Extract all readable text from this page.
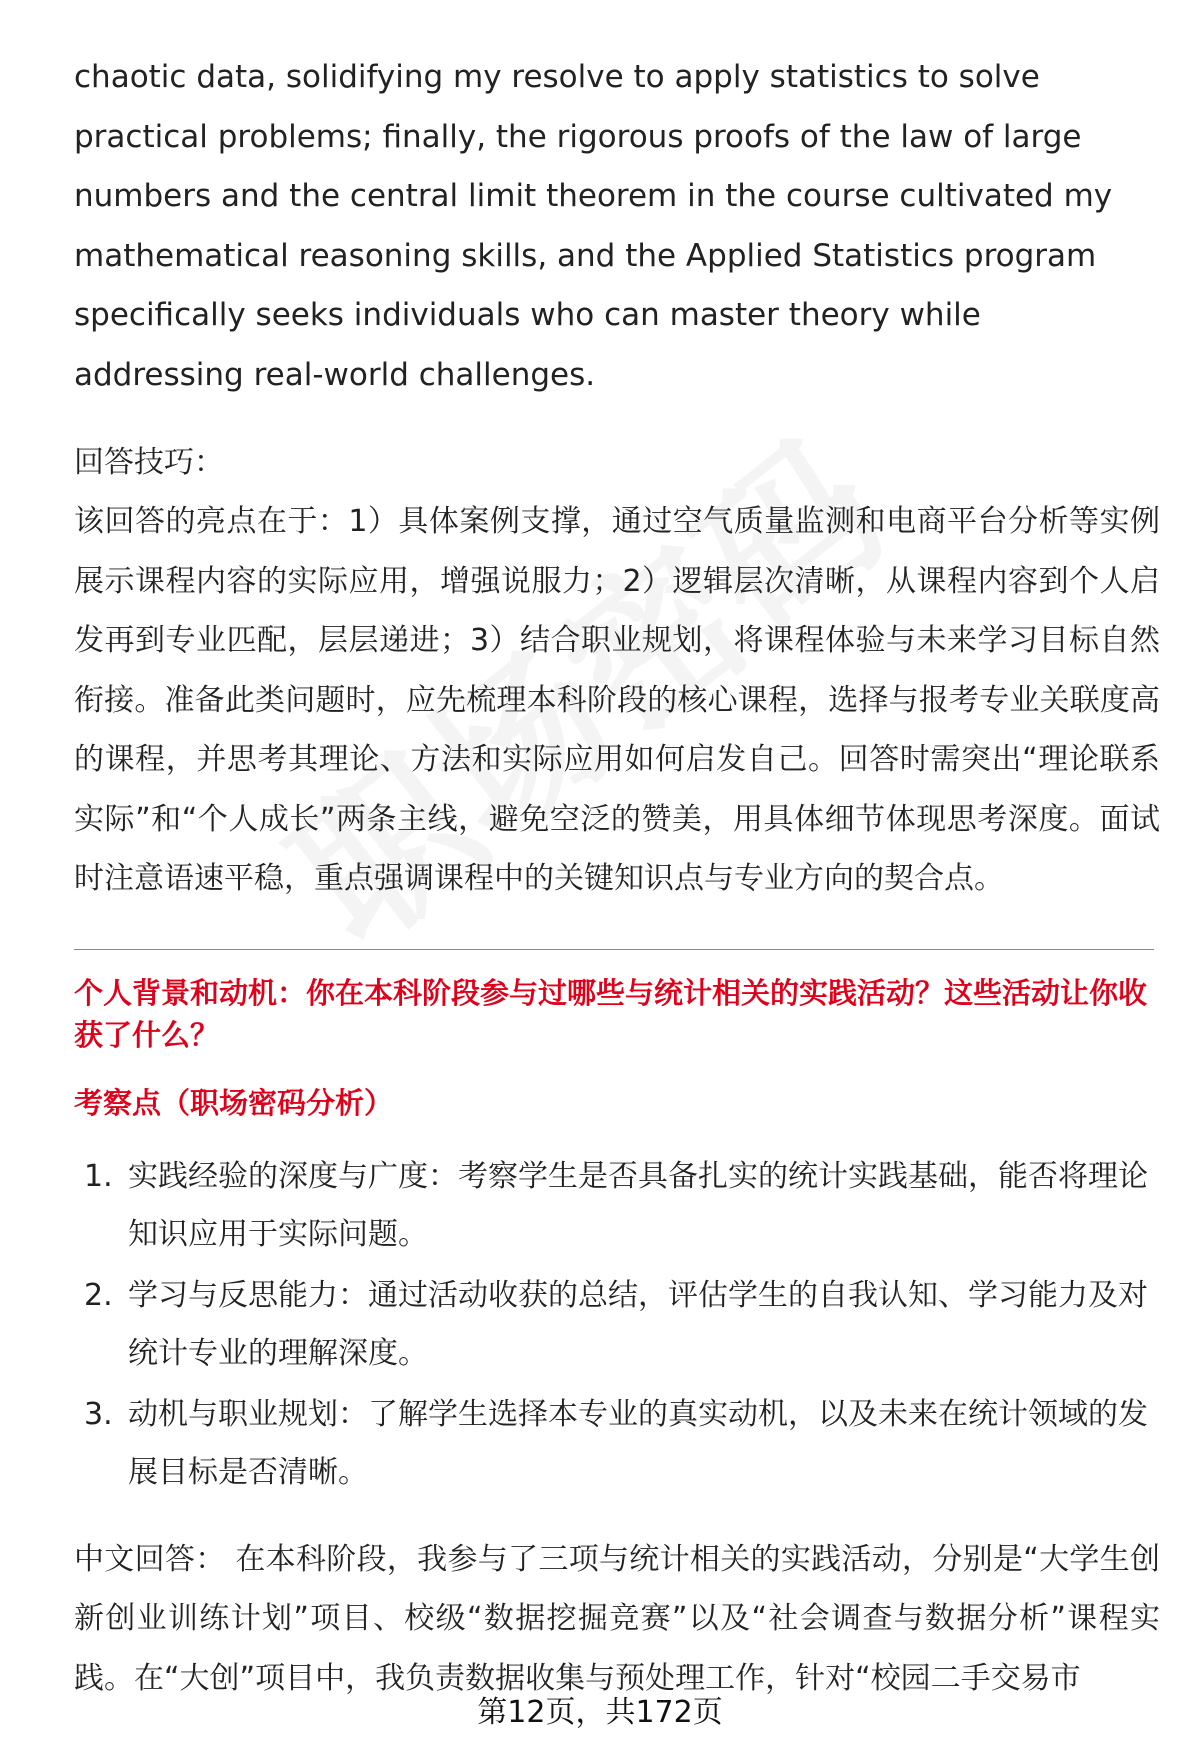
chaotic data, solidifying my resolve to apply statistics to solve practical problems; finally, the rigorous proofs of the law of large numbers and the central limit theorem in the course cultivated my mathematical reasoning skills, and the Applied Statistics program specifically seeks individuals who can master theory while addressing real-world challenges.

回答技巧：

该回答的亮点在于：1）具体案例支撑，通过空气质量监测和电商平台分析等实例展示课程内容的实际应用，增强说服力；2）逻辑层次清晰，从课程内容到个人启发再到专业匹配，层层递进；3）结合职业规划，将课程体验与未来学习目标自然衔接。准备此类问题时，应先梳理本科阶段的核心课程，选择与报考专业关联度高的课程，并思考其理论、方法和实际应用如何启发自己。回答时需突出“理论联系实际”和“个人成长”两条主线，避免空泛的赞美，用具体细节体现思考深度。面试时注意语速平稳，重点强调课程中的关键知识点与专业方向的契合点。

个人背景和动机：你在本科阶段参与过哪些与统计相关的实践活动？这些活动让你收获了什么？

考察点（职场密码分析）

1. 实践经验的深度与广度：考察学生是否具备扎实的统计实践基础，能否将理论知识应用于实际问题。
2. 学习与反思能力：通过活动收获的总结，评估学生的自我认知、学习能力及对统计专业的理解深度。
3. 动机与职业规划：了解学生选择本专业的真实动机，以及未来在统计领域的发展目标是否清晰。

中文回答： 在本科阶段，我参与了三项与统计相关的实践活动，分别是“大学生创新创业训练计划”项目、校级“数据挖掘竞赛”以及“社会调查与数据分析”课程实践。在“大创”项目中，我负责数据收集与预处理工作，针对“校园二手交易市

第12页，共172页
